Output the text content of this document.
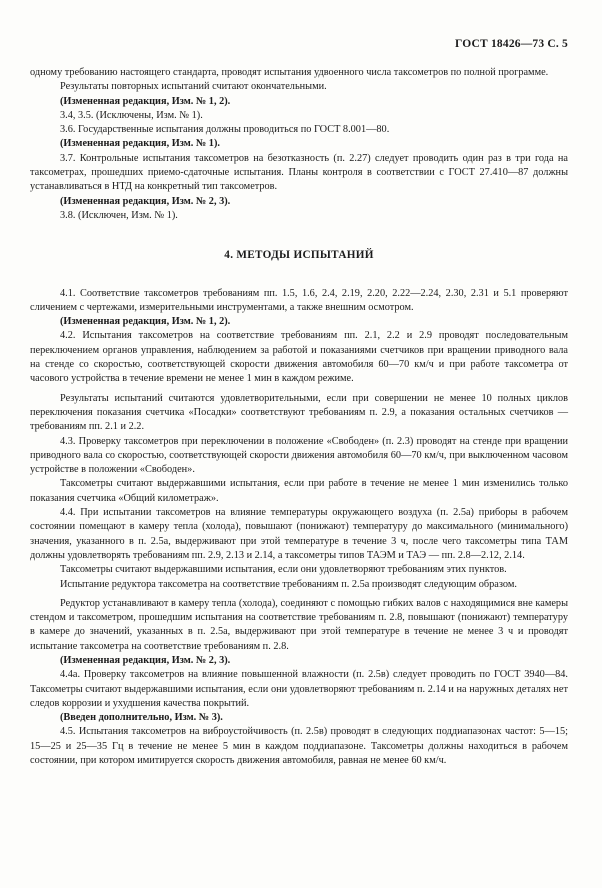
ГОСТ 18426—73 С. 5

одному требованию настоящего стандарта, проводят испытания удвоенного числа таксометров по полной программе.

Результаты повторных испытаний считают окончательными.

(Измененная редакция, Изм. № 1, 2).

3.4, 3.5. (Исключены, Изм. № 1).

3.6. Государственные испытания должны проводиться по ГОСТ 8.001—80.

(Измененная редакция, Изм. № 1).

3.7. Контрольные испытания таксометров на безотказность (п. 2.27) следует проводить один раз в три года на таксометрах, прошедших приемо-сдаточные испытания. Планы контроля в соответствии с ГОСТ 27.410—87 должны устанавливаться в НТД на конкретный тип таксометров.

(Измененная редакция, Изм. № 2, 3).

3.8. (Исключен, Изм. № 1).

4. МЕТОДЫ ИСПЫТАНИЙ

4.1. Соответствие таксометров требованиям пп. 1.5, 1.6, 2.4, 2.19, 2.20, 2.22—2.24, 2.30, 2.31 и 5.1 проверяют сличением с чертежами, измерительными инструментами, а также внешним осмотром.

(Измененная редакция, Изм. № 1, 2).

4.2. Испытания таксометров на соответствие требованиям пп. 2.1, 2.2 и 2.9 проводят последовательным переключением органов управления, наблюдением за работой и показаниями счетчиков при вращении приводного вала на стенде со скоростью, соответствующей скорости движения автомобиля 60—70 км/ч и при работе таксометра от часового устройства в течение времени не менее 1 мин в каждом режиме.

Результаты испытаний считаются удовлетворительными, если при совершении не менее 10 полных циклов переключения показания счетчика «Посадки» соответствуют требованиям п. 2.9, а показания остальных счетчиков — требованиям пп. 2.1 и 2.2.

4.3. Проверку таксометров при переключении в положение «Свободен» (п. 2.3) проводят на стенде при вращении приводного вала со скоростью, соответствующей скорости движения автомобиля 60—70 км/ч, при выключенном часовом устройстве в положении «Свободен».

Таксометры считают выдержавшими испытания, если при работе в течение не менее 1 мин изменились только показания счетчика «Общий километраж».

4.4. При испытании таксометров на влияние температуры окружающего воздуха (п. 2.5а) приборы в рабочем состоянии помещают в камеру тепла (холода), повышают (понижают) температуру до максимального (минимального) значения, указанного в п. 2.5а, выдерживают при этой температуре в течение 3 ч, после чего таксометры типа ТАМ должны удовлетворять требованиям пп. 2.9, 2.13 и 2.14, а таксометры типов ТАЭМ и ТАЭ — пп. 2.8—2.12, 2.14.

Таксометры считают выдержавшими испытания, если они удовлетворяют требованиям этих пунктов.

Испытание редуктора таксометра на соответствие требованиям п. 2.5а производят следующим образом.

Редуктор устанавливают в камеру тепла (холода), соединяют с помощью гибких валов с находящимися вне камеры стендом и таксометром, прошедшим испытания на соответствие требованиям п. 2.8, повышают (понижают) температуру в камере до значений, указанных в п. 2.5а, выдерживают при этой температуре в течение не менее 3 ч и проводят испытание таксометра на соответствие требованиям п. 2.8.

(Измененная редакция, Изм. № 2, 3).

4.4а. Проверку таксометров на влияние повышенной влажности (п. 2.5в) следует проводить по ГОСТ 3940—84. Таксометры считают выдержавшими испытания, если они удовлетворяют требованиям п. 2.14 и на наружных деталях нет следов коррозии и ухудшения качества покрытий.

(Введен дополнительно, Изм. № 3).

4.5. Испытания таксометров на виброустойчивость (п. 2.5в) проводят в следующих поддиапазонах частот: 5—15; 15—25 и 25—35 Гц в течение не менее 5 мин в каждом поддиапазоне. Таксометры должны находиться в рабочем состоянии, при котором имитируется скорость движения автомобиля, равная не менее 60 км/ч.
